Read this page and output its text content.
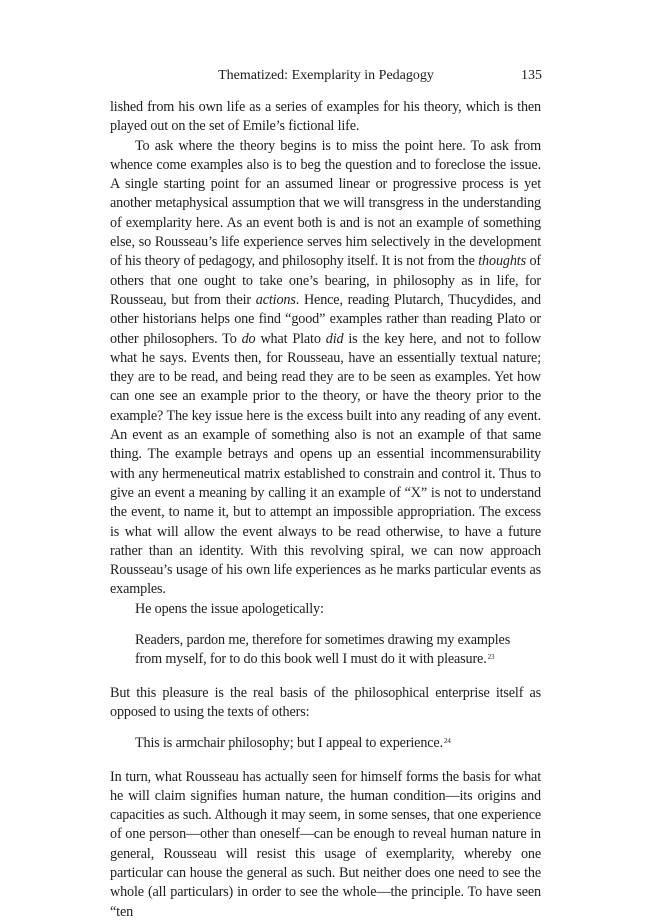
Thematized: Exemplarity in Pedagogy	135

lished from his own life as a series of examples for his theory, which is then played out on the set of Emile’s fictional life.

To ask where the theory begins is to miss the point here. To ask from whence come examples also is to beg the question and to foreclose the issue. A single starting point for an assumed linear or progressive process is yet another metaphysical assumption that we will transgress in the understanding of exemplarity here. As an event both is and is not an example of something else, so Rousseau’s life experience serves him selectively in the development of his theory of pedagogy, and philosophy itself. It is not from the thoughts of others that one ought to take one’s bearing, in philosophy as in life, for Rousseau, but from their actions. Hence, reading Plutarch, Thucydides, and other historians helps one find “good” examples rather than reading Plato or other philosophers. To do what Plato did is the key here, and not to follow what he says. Events then, for Rousseau, have an essentially textual nature; they are to be read, and being read they are to be seen as examples. Yet how can one see an example prior to the theory, or have the theory prior to the example? The key issue here is the excess built into any reading of any event. An event as an example of something also is not an example of that same thing. The example betrays and opens up an essential incommensurability with any hermeneutical matrix established to constrain and control it. Thus to give an event a meaning by calling it an example of “X” is not to understand the event, to name it, but to attempt an impossible appropriation. The excess is what will allow the event always to be read otherwise, to have a future rather than an identity. With this revolving spiral, we can now approach Rousseau’s usage of his own life experiences as he marks particular events as examples.

He opens the issue apologetically:

Readers, pardon me, therefore for sometimes drawing my examples
from myself, for to do this book well I must do it with pleasure.$^{23}$

But this pleasure is the real basis of the philosophical enterprise itself as opposed to using the texts of others:

This is armchair philosophy; but I appeal to experience.$^{24}$

In turn, what Rousseau has actually seen for himself forms the basis for what he will claim signifies human nature, the human condition—its origins and capacities as such. Although it may seem, in some senses, that one experience of one person—other than oneself—can be enough to reveal human nature in general, Rousseau will resist this usage of exemplarity, whereby one particular can house the general as such. But neither does one need to see the whole (all particulars) in order to see the whole—the principle. To have seen “ten
